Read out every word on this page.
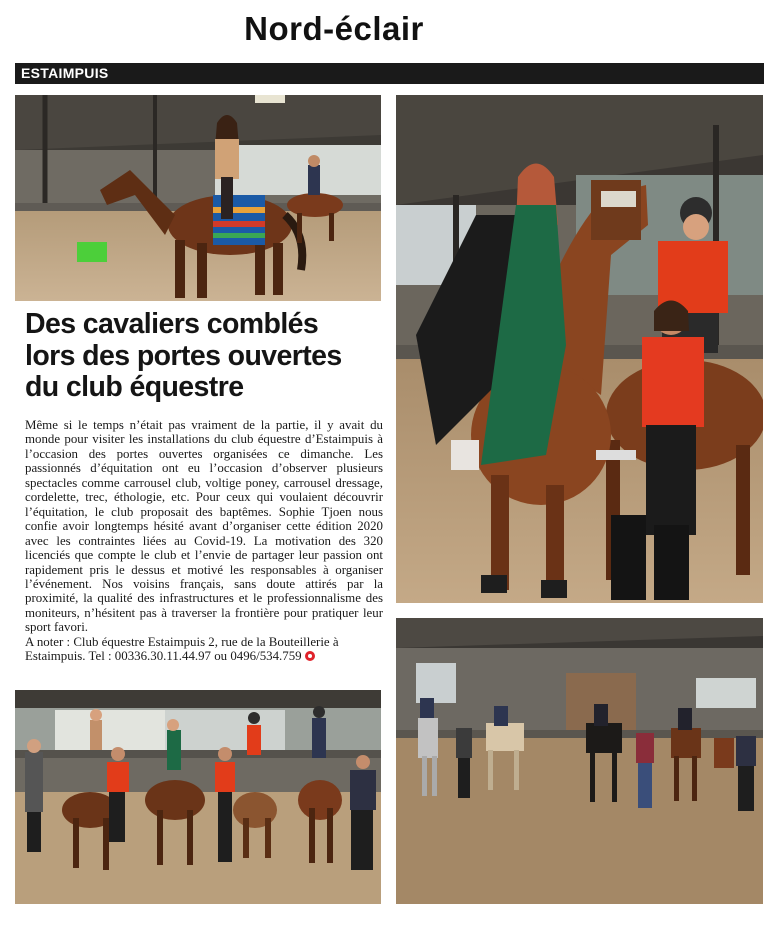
Nord-éclair
ESTAIMPUIS
Des cavaliers comblés
lors des portes ouvertes
du club équestre

Même si le temps n’était pas vraiment de la partie, il y avait du monde pour visiter les installations du club équestre d’Estaimpuis à l’occasion des portes ouvertes organisées ce dimanche. Les passionnés d’équitation ont eu l’occasion d’observer plusieurs spectacles comme carrousel club, voltige poney, carrousel dressage, cordelette, trec, éthologie, etc. Pour ceux qui voulaient découvrir l’équitation, le club proposait des baptêmes. Sophie Tjoen nous confie avoir longtemps hésité avant d’organiser cette édition 2020 avec les contraintes liées au Covid-19. La motivation des 320 licenciés que compte le club et l’envie de partager leur passion ont rapidement pris le dessus et motivé les responsables à organiser l’événement. Nos voisins français, sans doute attirés par la proximité, la qualité des infrastructures et le professionnalisme des moniteurs, n’hésitent pas à traverser la frontière pour pratiquer leur sport favori.

A noter : Club équestre Estaimpuis 2, rue de la Bouteillerie à Estaimpuis. Tel : 00336.30.11.44.97 ou 0496/534.759
